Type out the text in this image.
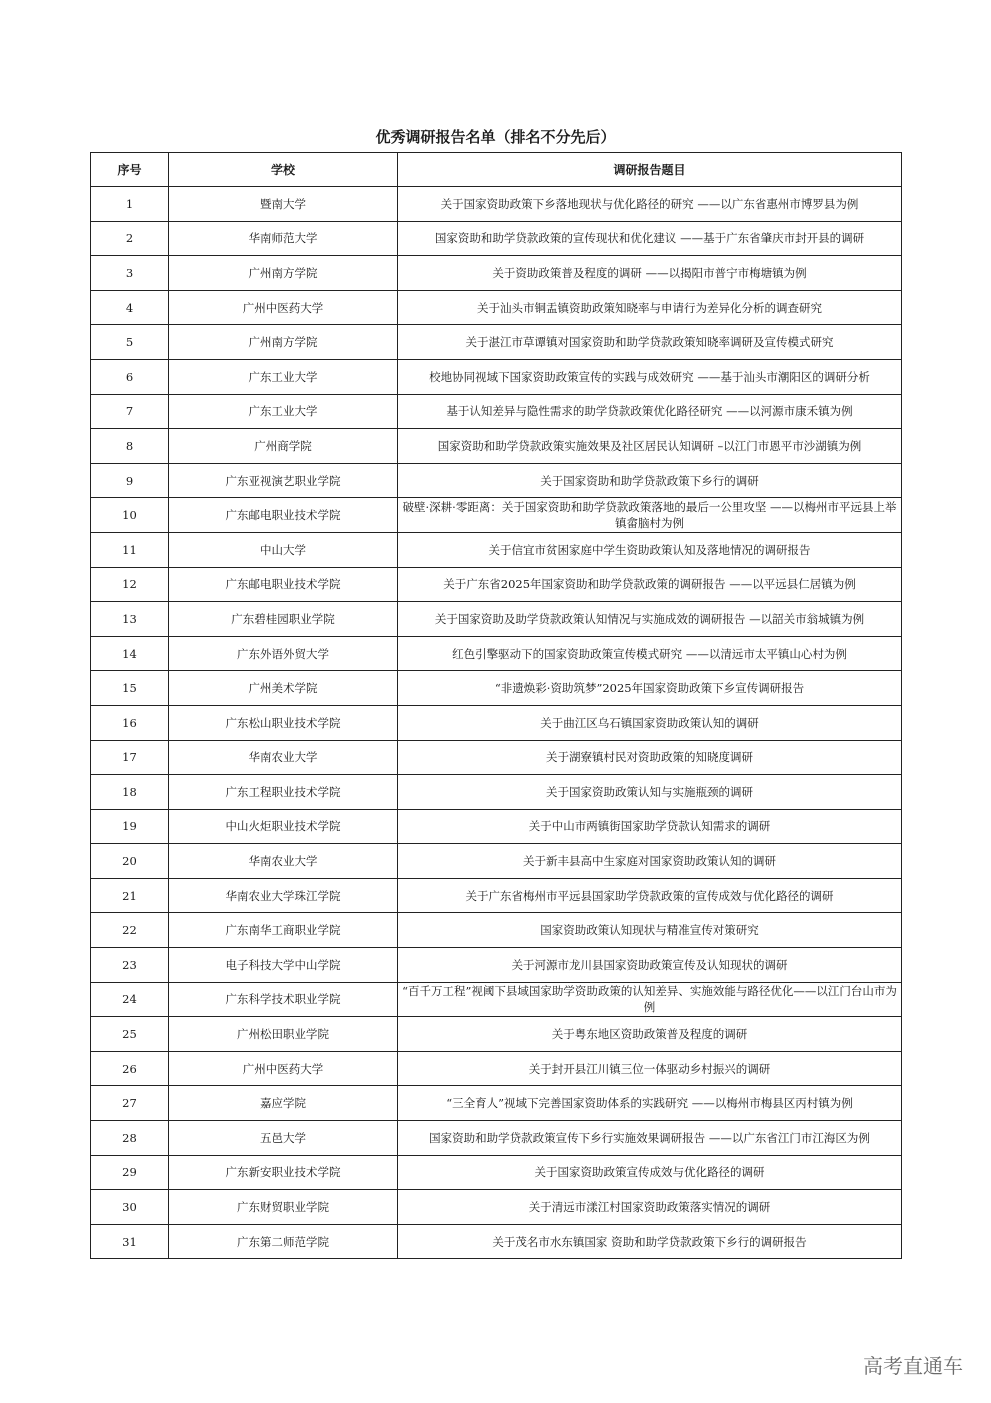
优秀调研报告名单（排名不分先后）
序号	学校	调研报告题目
1	暨南大学	关于国家资助政策下乡落地现状与优化路径的研究 ——以广东省惠州市博罗县为例
2	华南师范大学	国家资助和助学贷款政策的宣传现状和优化建议 ——基于广东省肇庆市封开县的调研
3	广州南方学院	关于资助政策普及程度的调研 ——以揭阳市普宁市梅塘镇为例
4	广州中医药大学	关于汕头市铜盂镇资助政策知晓率与申请行为差异化分析的调查研究
5	广州南方学院	关于湛江市草谭镇对国家资助和助学贷款政策知晓率调研及宣传模式研究
6	广东工业大学	校地协同视域下国家资助政策宣传的实践与成效研究 ——基于汕头市潮阳区的调研分析
7	广东工业大学	基于认知差异与隐性需求的助学贷款政策优化路径研究 ——以河源市康禾镇为例
8	广州商学院	国家资助和助学贷款政策实施效果及社区居民认知调研 –以江门市恩平市沙湖镇为例
9	广东亚视演艺职业学院	关于国家资助和助学贷款政策下乡行的调研
10	广东邮电职业技术学院	破壁·深耕·零距离：关于国家资助和助学贷款政策落地的最后一公里攻坚 ——以梅州市平远县上举镇畲脑村为例
11	中山大学	关于信宜市贫困家庭中学生资助政策认知及落地情况的调研报告
12	广东邮电职业技术学院	关于广东省2025年国家资助和助学贷款政策的调研报告 ——以平远县仁居镇为例
13	广东碧桂园职业学院	关于国家资助及助学贷款政策认知情况与实施成效的调研报告 —以韶关市翁城镇为例
14	广东外语外贸大学	红色引擎驱动下的国家资助政策宣传模式研究 ——以清远市太平镇山心村为例
15	广州美术学院	“非遗焕彩·资助筑梦”2025年国家资助政策下乡宣传调研报告
16	广东松山职业技术学院	关于曲江区乌石镇国家资助政策认知的调研
17	华南农业大学	关于湖寮镇村民对资助政策的知晓度调研
18	广东工程职业技术学院	关于国家资助政策认知与实施瓶颈的调研
19	中山火炬职业技术学院	关于中山市两镇街国家助学贷款认知需求的调研
20	华南农业大学	关于新丰县高中生家庭对国家资助政策认知的调研
21	华南农业大学珠江学院	关于广东省梅州市平远县国家助学贷款政策的宣传成效与优化路径的调研
22	广东南华工商职业学院	国家资助政策认知现状与精准宣传对策研究
23	电子科技大学中山学院	关于河源市龙川县国家资助政策宣传及认知现状的调研
24	广东科学技术职业学院	“百千万工程”视阈下县域国家助学资助政策的认知差异、实施效能与路径优化——以江门台山市为例
25	广州松田职业学院	关于粤东地区资助政策普及程度的调研
26	广州中医药大学	关于封开县江川镇三位一体驱动乡村振兴的调研
27	嘉应学院	“三全育人”视域下完善国家资助体系的实践研究 ——以梅州市梅县区丙村镇为例
28	五邑大学	国家资助和助学贷款政策宣传下乡行实施效果调研报告 ——以广东省江门市江海区为例
29	广东新安职业技术学院	关于国家资助政策宣传成效与优化路径的调研
30	广东财贸职业学院	关于清远市漾江村国家资助政策落实情况的调研
31	广东第二师范学院	关于茂名市水东镇国家 资助和助学贷款政策下乡行的调研报告
高考直通车
